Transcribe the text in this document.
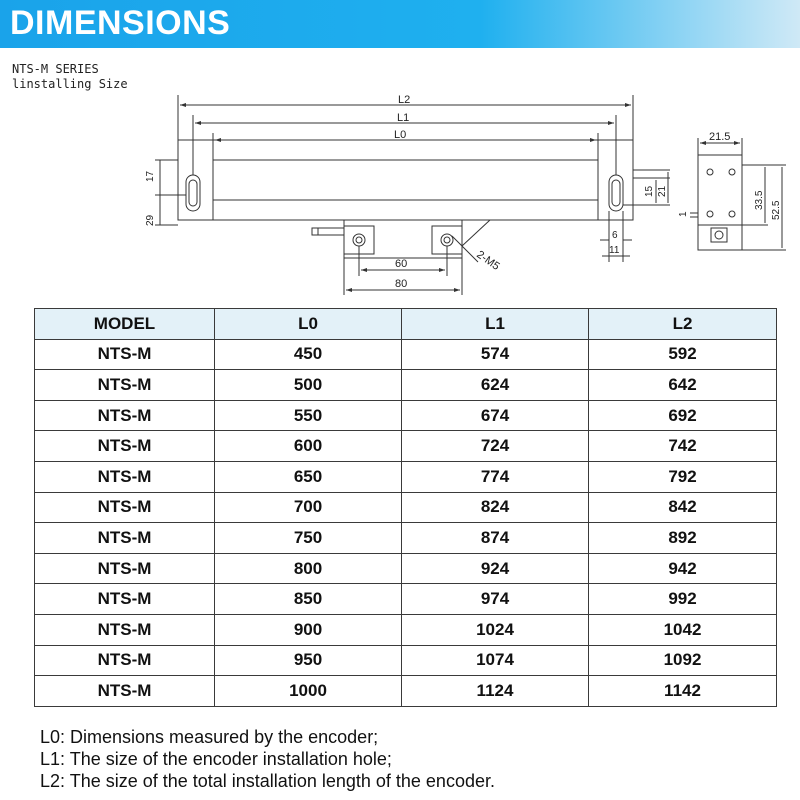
DIMENSIONS
NTS-M SERIES
linstalling Size
L2
L1
L0
17
29
15 21
6
11
60
80
2-M5
21.5
33.5
52.5
1
MODEL	L0	L1	L2
NTS-M	450	574	592
NTS-M	500	624	642
NTS-M	550	674	692
NTS-M	600	724	742
NTS-M	650	774	792
NTS-M	700	824	842
NTS-M	750	874	892
NTS-M	800	924	942
NTS-M	850	974	992
NTS-M	900	1024	1042
NTS-M	950	1074	1092
NTS-M	1000	1124	1142
L0: Dimensions measured by the encoder;
L1: The size of the encoder installation hole;
L2: The size of the total installation length of the encoder.
